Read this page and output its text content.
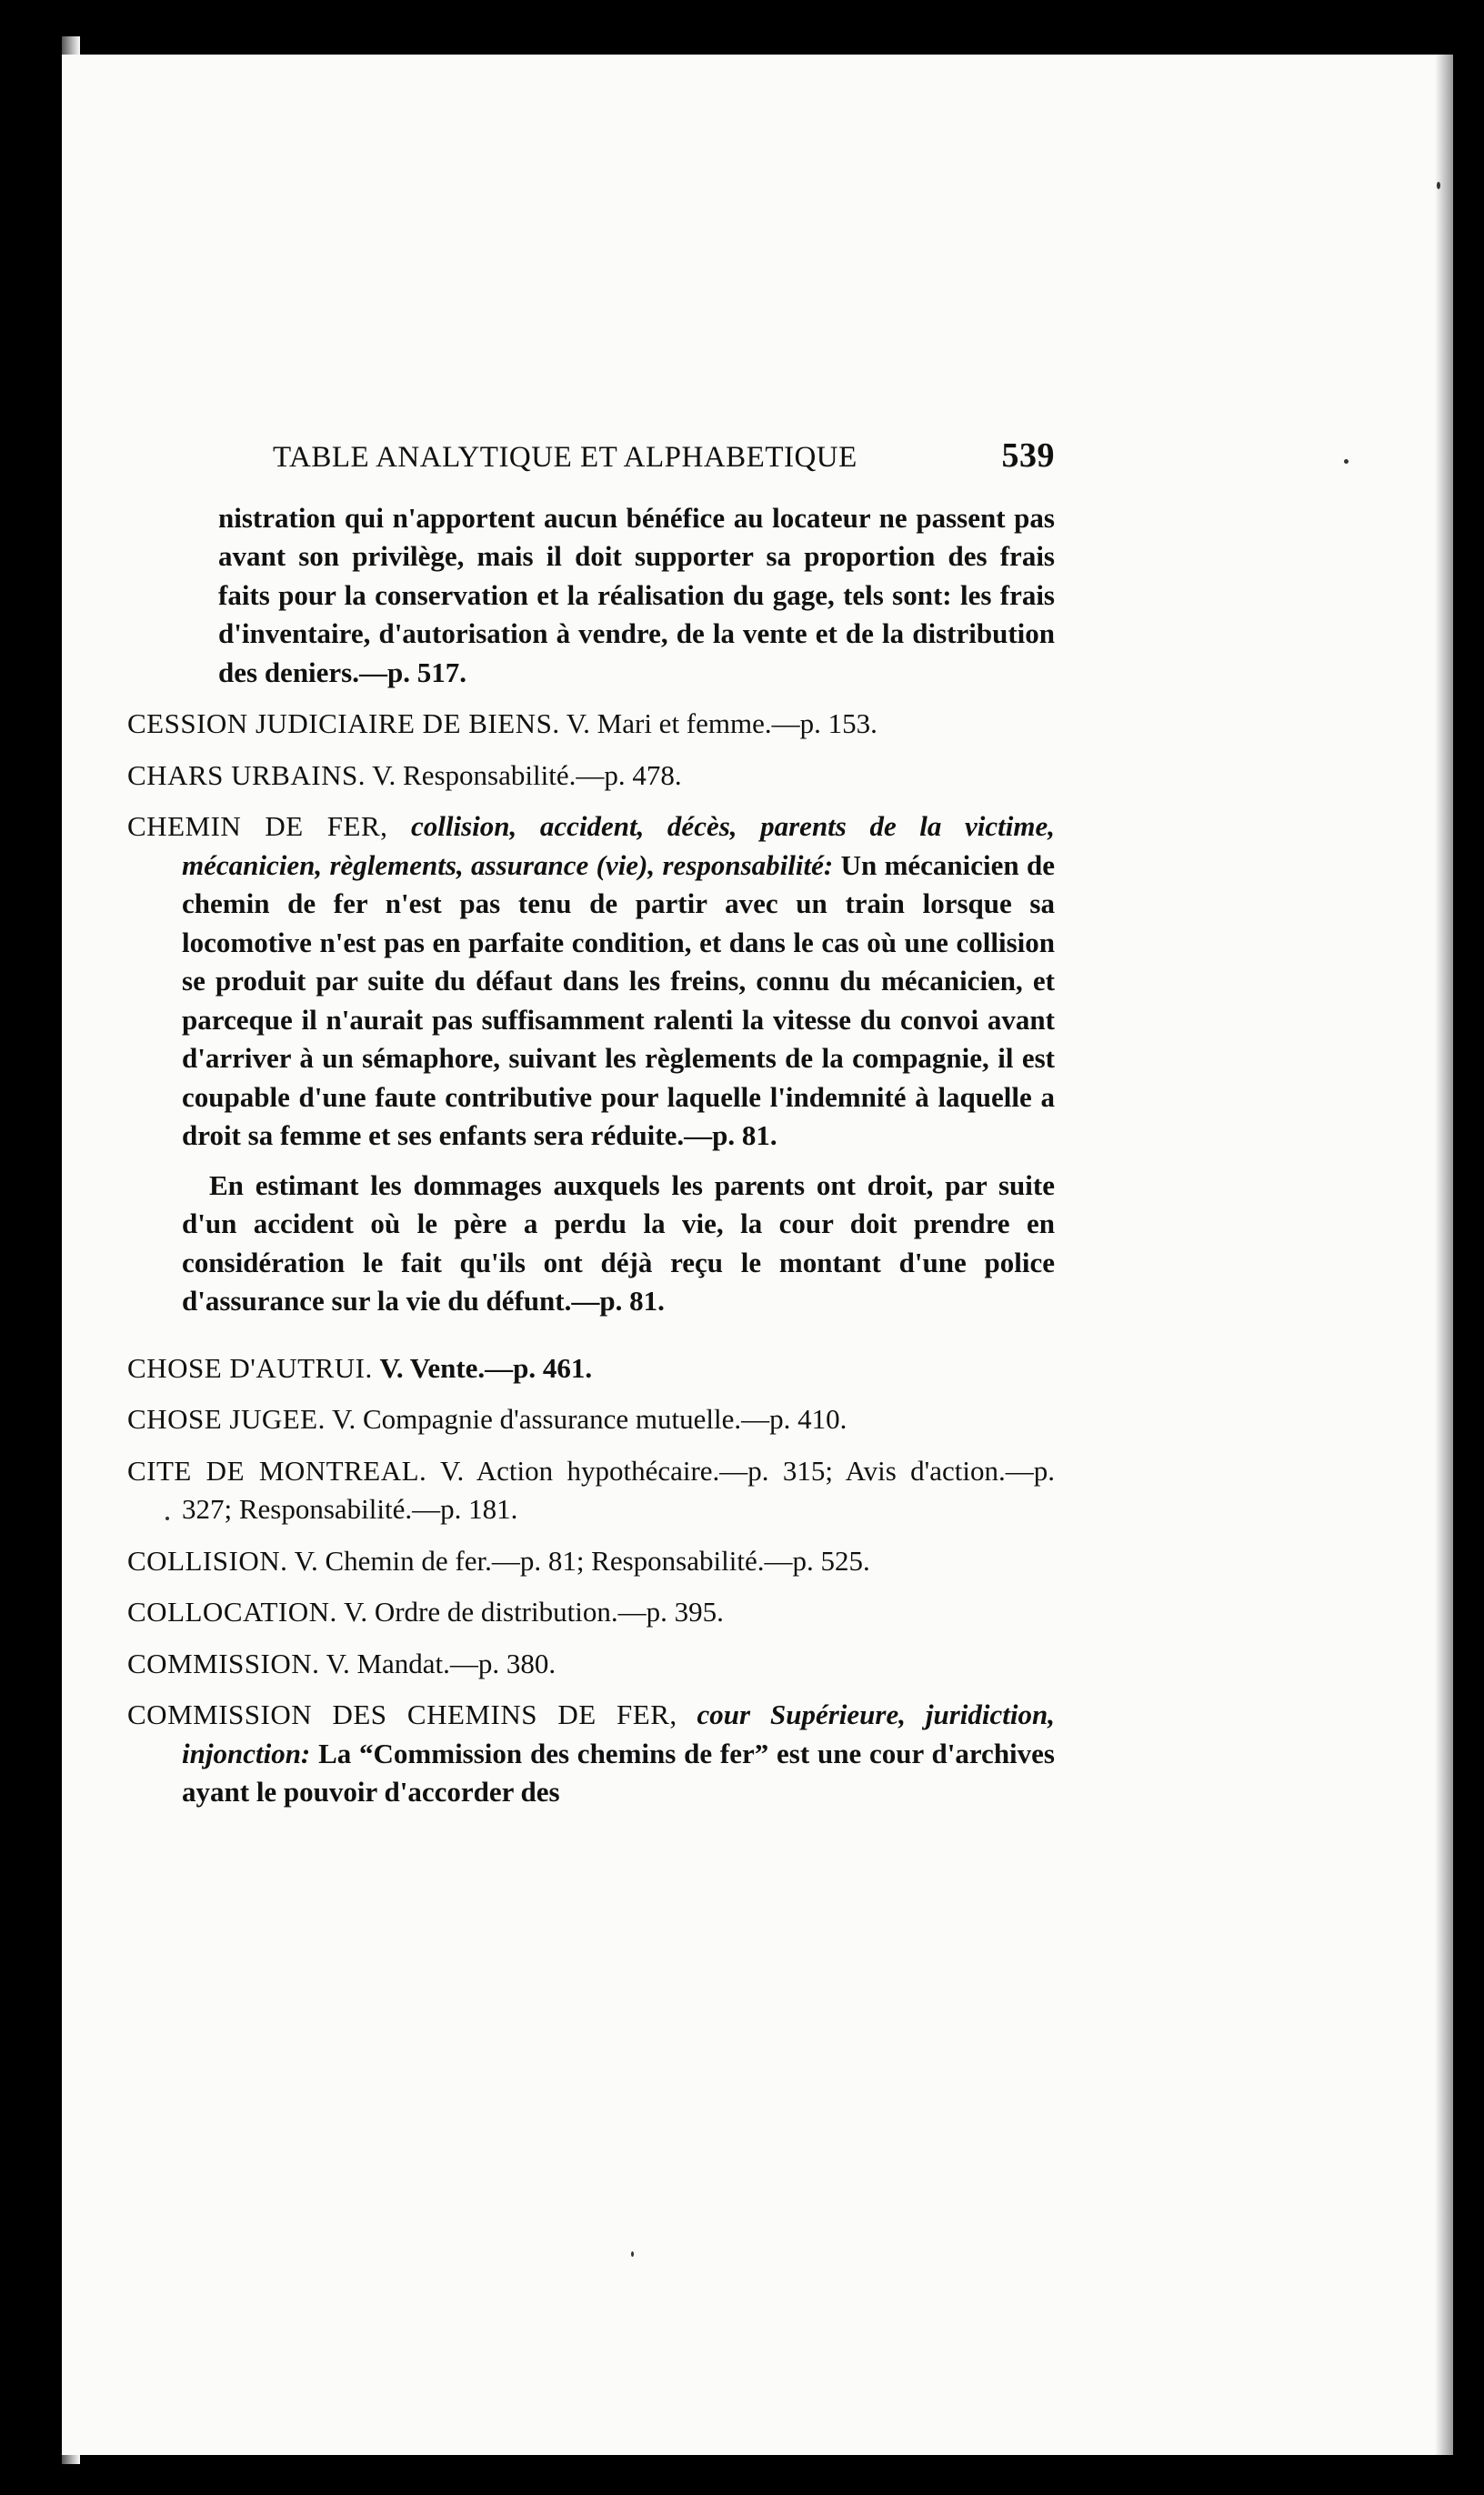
TABLE ANALYTIQUE ET ALPHABETIQUE	539

nistration qui n'apportent aucun bénéfice au locateur ne passent pas avant son privilège, mais il doit supporter sa proportion des frais faits pour la conservation et la réalisation du gage, tels sont: les frais d'inventaire, d'autorisation à vendre, de la vente et de la distribution des deniers.—p. 517.

CESSION JUDICIAIRE DE BIENS. V. Mari et femme.—p. 153.
CHARS URBAINS. V. Responsabilité.—p. 478.
CHEMIN DE FER, collision, accident, décès, parents de la victime, mécanicien, règlements, assurance (vie), responsabilité: Un mécanicien de chemin de fer n'est pas tenu de partir avec un train lorsque sa locomotive n'est pas en parfaite condition, et dans le cas où une collision se produit par suite du défaut dans les freins, connu du mécanicien, et parceque il n'aurait pas suffisamment ralenti la vitesse du convoi avant d'arriver à un sémaphore, suivant les règlements de la compagnie, il est coupable d'une faute contributive pour laquelle l'indemnité à laquelle a droit sa femme et ses enfants sera réduite.—p. 81.

En estimant les dommages auxquels les parents ont droit, par suite d'un accident où le père a perdu la vie, la cour doit prendre en considération le fait qu'ils ont déjà reçu le montant d'une police d'assurance sur la vie du défunt.—p. 81.

CHOSE D'AUTRUI. V. Vente.—p. 461.
CHOSE JUGEE. V. Compagnie d'assurance mutuelle.—p. 410.
CITE DE MONTREAL. V. Action hypothécaire.—p. 315; Avis d'action.—p. 327; Responsabilité.—p. 181.
COLLISION. V. Chemin de fer.—p. 81; Responsabilité.—p. 525.
COLLOCATION. V. Ordre de distribution.—p. 395.
COMMISSION. V. Mandat.—p. 380.
COMMISSION DES CHEMINS DE FER, cour Supérieure, juridiction, injonction: La “Commission des chemins de fer” est une cour d'archives ayant le pouvoir d'accorder des
